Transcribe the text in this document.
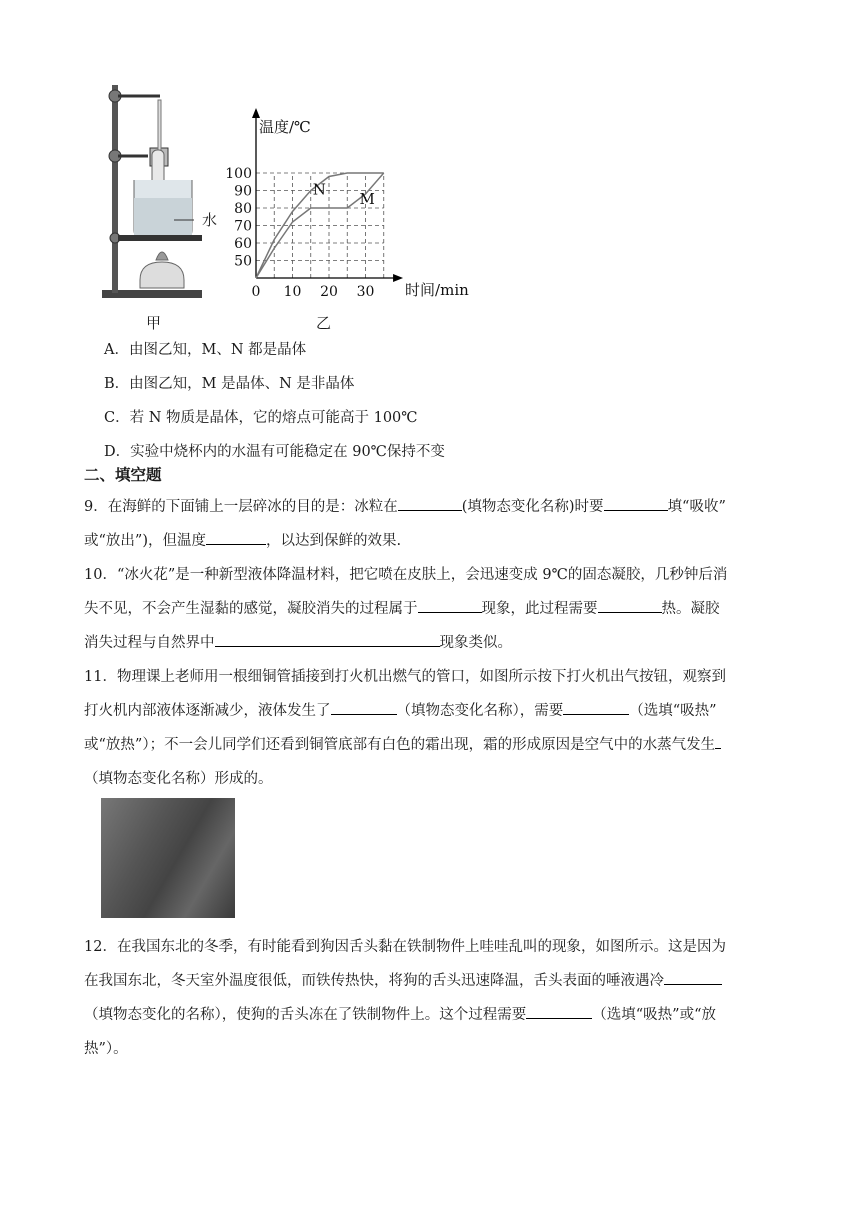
水
温度/℃
时间/min
50
60
70
80
90
100
0 10 20 30
N
M
甲	乙
A．由图乙知，M、N 都是晶体
B．由图乙知，M 是晶体、N 是非晶体
C．若 N 物质是晶体，它的熔点可能高于 100℃
D．实验中烧杯内的水温有可能稳定在 90℃保持不变
二、填空题
9．在海鲜的下面铺上一层碎冰的目的是：冰粒在	(填物态变化名称)时要	填“吸收”
或“放出”)，但温度	，以达到保鲜的效果.
10．“冰火花”是一种新型液体降温材料，把它喷在皮肤上，会迅速变成 9℃的固态凝胶，几秒钟后消
失不见，不会产生湿黏的感觉，凝胶消失的过程属于	现象，此过程需要	热。凝胶
消失过程与自然界中	现象类似。
11．物理课上老师用一根细铜管插接到打火机出燃气的管口，如图所示按下打火机出气按钮，观察到
打火机内部液体逐渐减少，液体发生了	（填物态变化名称），需要	（选填“吸热”
或“放热”）；不一会儿同学们还看到铜管底部有白色的霜出现，霜的形成原因是空气中的水蒸气发生
（填物态变化名称）形成的。
12．在我国东北的冬季，有时能看到狗因舌头黏在铁制物件上哇哇乱叫的现象，如图所示。这是因为
在我国东北，冬天室外温度很低，而铁传热快，将狗的舌头迅速降温，舌头表面的唾液遇冷
（填物态变化的名称），使狗的舌头冻在了铁制物件上。这个过程需要	（选填“吸热”或“放
热”）。
